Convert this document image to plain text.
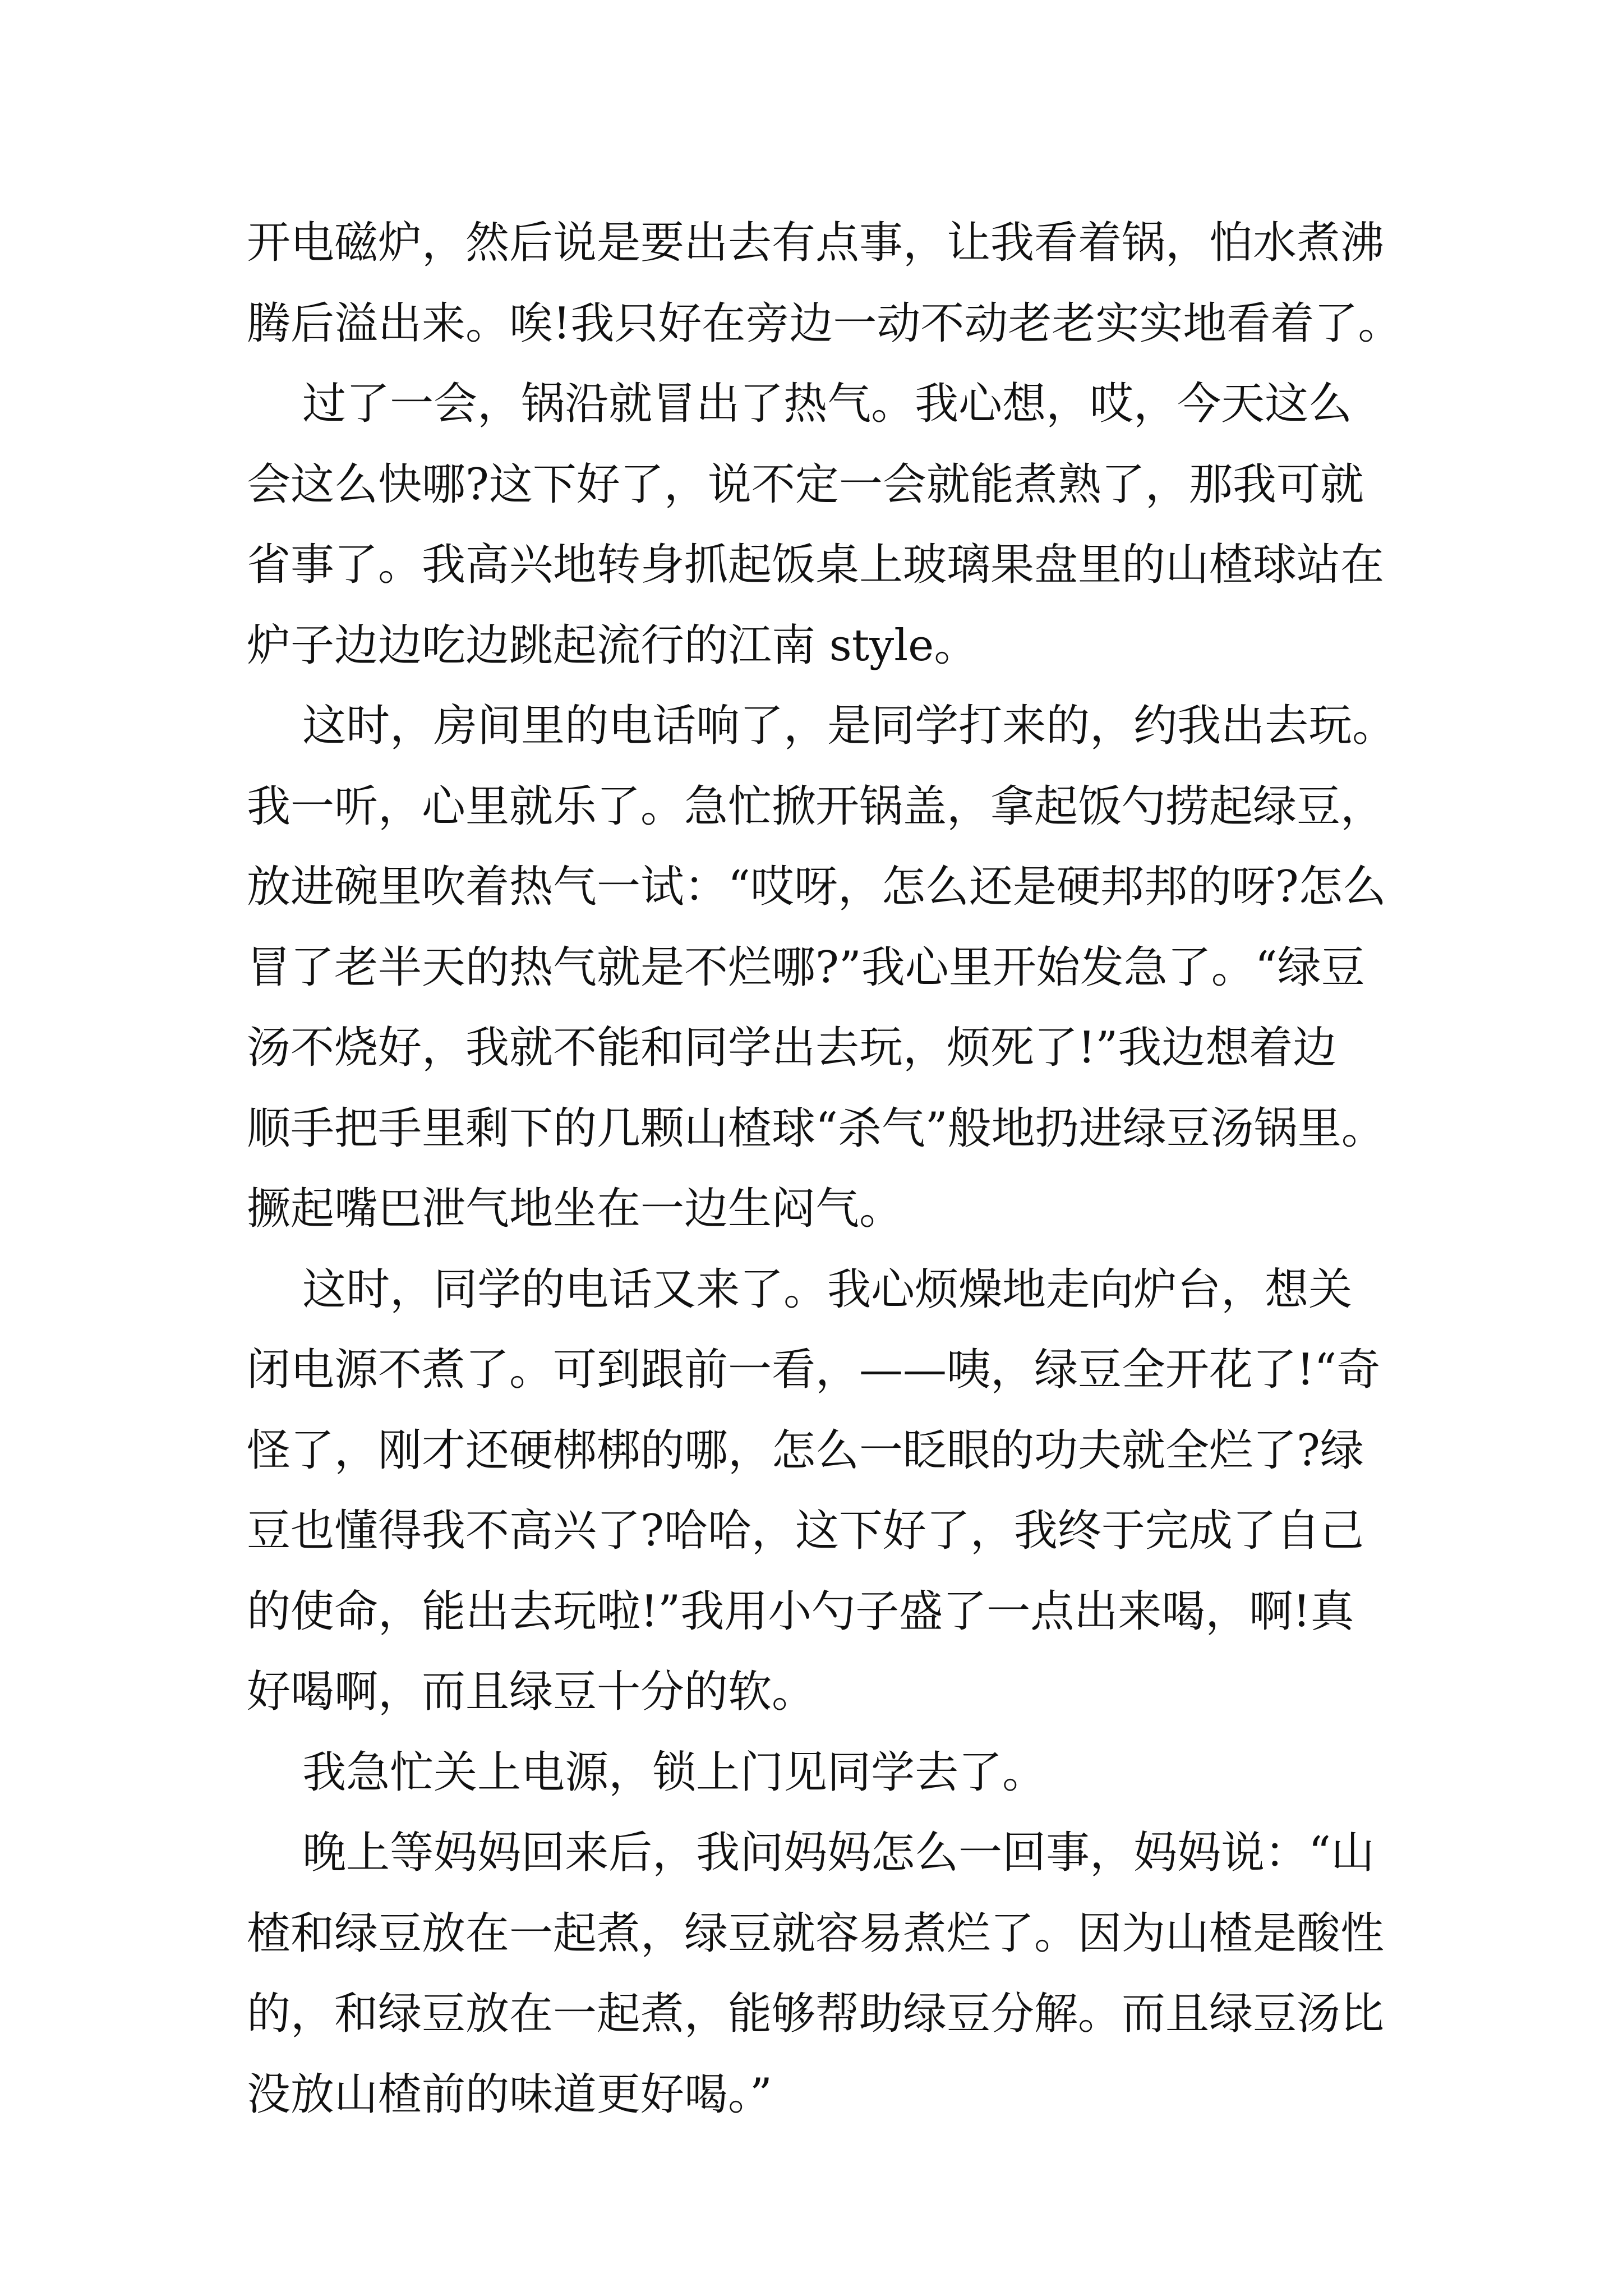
开电磁炉，然后说是要出去有点事，让我看着锅，怕水煮沸
腾后溢出来。唉!我只好在旁边一动不动老老实实地看着了。
过了一会，锅沿就冒出了热气。我心想，哎，今天这么
会这么快哪?这下好了，说不定一会就能煮熟了，那我可就
省事了。我高兴地转身抓起饭桌上玻璃果盘里的山楂球站在
炉子边边吃边跳起流行的江南 style。
这时，房间里的电话响了，是同学打来的，约我出去玩。
我一听，心里就乐了。急忙掀开锅盖，拿起饭勺捞起绿豆，
放进碗里吹着热气一试：“哎呀，怎么还是硬邦邦的呀?怎么
冒了老半天的热气就是不烂哪?”我心里开始发急了。“绿豆
汤不烧好，我就不能和同学出去玩，烦死了!”我边想着边
顺手把手里剩下的几颗山楂球“杀气”般地扔进绿豆汤锅里。
撅起嘴巴泄气地坐在一边生闷气。
这时，同学的电话又来了。我心烦燥地走向炉台，想关
闭电源不煮了。可到跟前一看，——咦，绿豆全开花了!“奇
怪了，刚才还硬梆梆的哪，怎么一眨眼的功夫就全烂了?绿
豆也懂得我不高兴了?哈哈，这下好了，我终于完成了自己
的使命，能出去玩啦!”我用小勺子盛了一点出来喝，啊!真
好喝啊，而且绿豆十分的软。
我急忙关上电源，锁上门见同学去了。
晚上等妈妈回来后，我问妈妈怎么一回事，妈妈说：“山
楂和绿豆放在一起煮，绿豆就容易煮烂了。因为山楂是酸性
的，和绿豆放在一起煮，能够帮助绿豆分解。而且绿豆汤比
没放山楂前的味道更好喝。”
